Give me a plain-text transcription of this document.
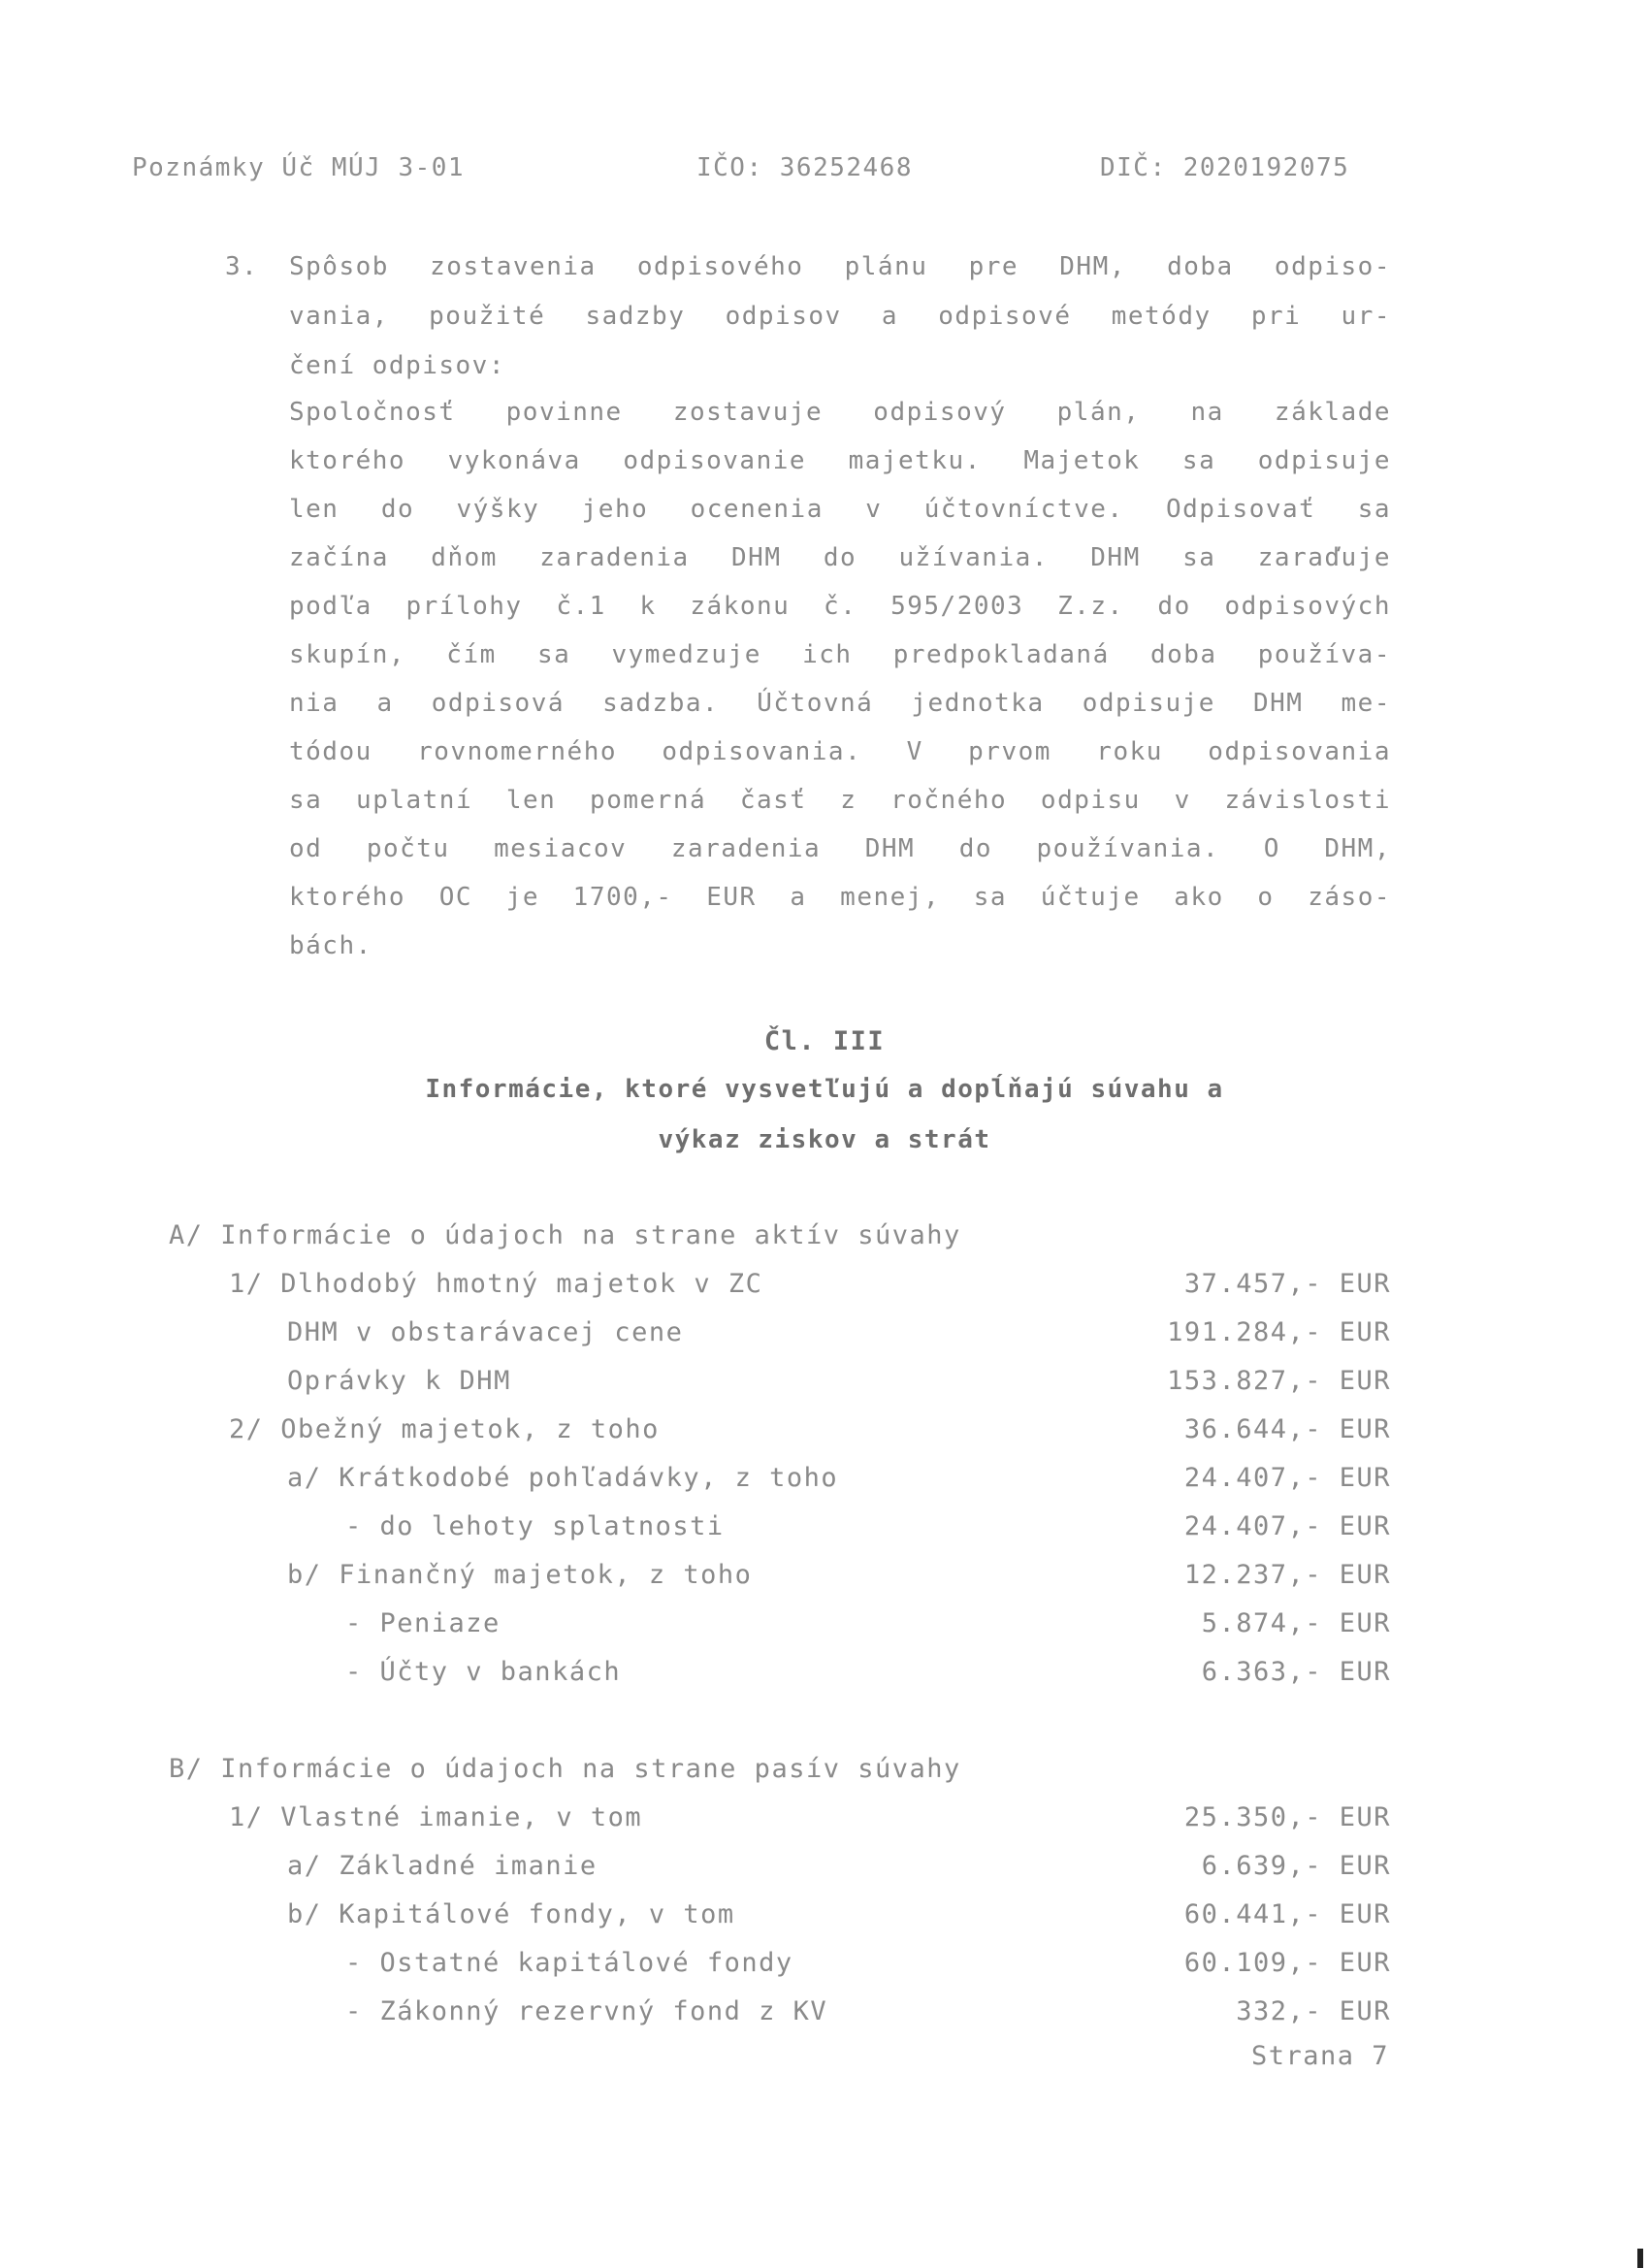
Poznámky Úč MÚJ 3-01	IČO: 36252468	DIČ: 2020192075
3. Spôsob zostavenia odpisového plánu pre DHM, doba odpiso-
vania, použité sadzby odpisov a odpisové metódy pri ur-
čení odpisov:
Spoločnosť povinne zostavuje odpisový plán, na základe
ktorého vykonáva odpisovanie majetku. Majetok sa odpisuje
len do výšky jeho ocenenia v účtovníctve. Odpisovať sa
začína dňom zaradenia DHM do užívania. DHM sa zaraďuje
podľa prílohy č.1 k zákonu č. 595/2003 Z.z. do odpisových
skupín, čím sa vymedzuje ich predpokladaná doba používa-
nia a odpisová sadzba. Účtovná jednotka odpisuje DHM me-
tódou rovnomerného odpisovania. V prvom roku odpisovania
sa uplatní len pomerná časť z ročného odpisu v závislosti
od počtu mesiacov zaradenia DHM do používania. O DHM,
ktorého OC je 1700,- EUR a menej, sa účtuje ako o záso-
bách.
Čl. III
Informácie, ktoré vysvetľujú a dopĺňajú súvahu a
výkaz ziskov a strát
A/ Informácie o údajoch na strane aktív súvahy
1/ Dlhodobý hmotný majetok v ZC	37.457,- EUR
DHM v obstarávacej cene	191.284,- EUR
Oprávky k DHM	153.827,- EUR
2/ Obežný majetok, z toho	36.644,- EUR
a/ Krátkodobé pohľadávky, z toho	24.407,- EUR
- do lehoty splatnosti	24.407,- EUR
b/ Finančný majetok, z toho	12.237,- EUR
- Peniaze	5.874,- EUR
- Účty v bankách	6.363,- EUR
B/ Informácie o údajoch na strane pasív súvahy
1/ Vlastné imanie, v tom	25.350,- EUR
a/ Základné imanie	6.639,- EUR
b/ Kapitálové fondy, v tom	60.441,- EUR
- Ostatné kapitálové fondy	60.109,- EUR
- Zákonný rezervný fond z KV	332,- EUR
Strana 7
